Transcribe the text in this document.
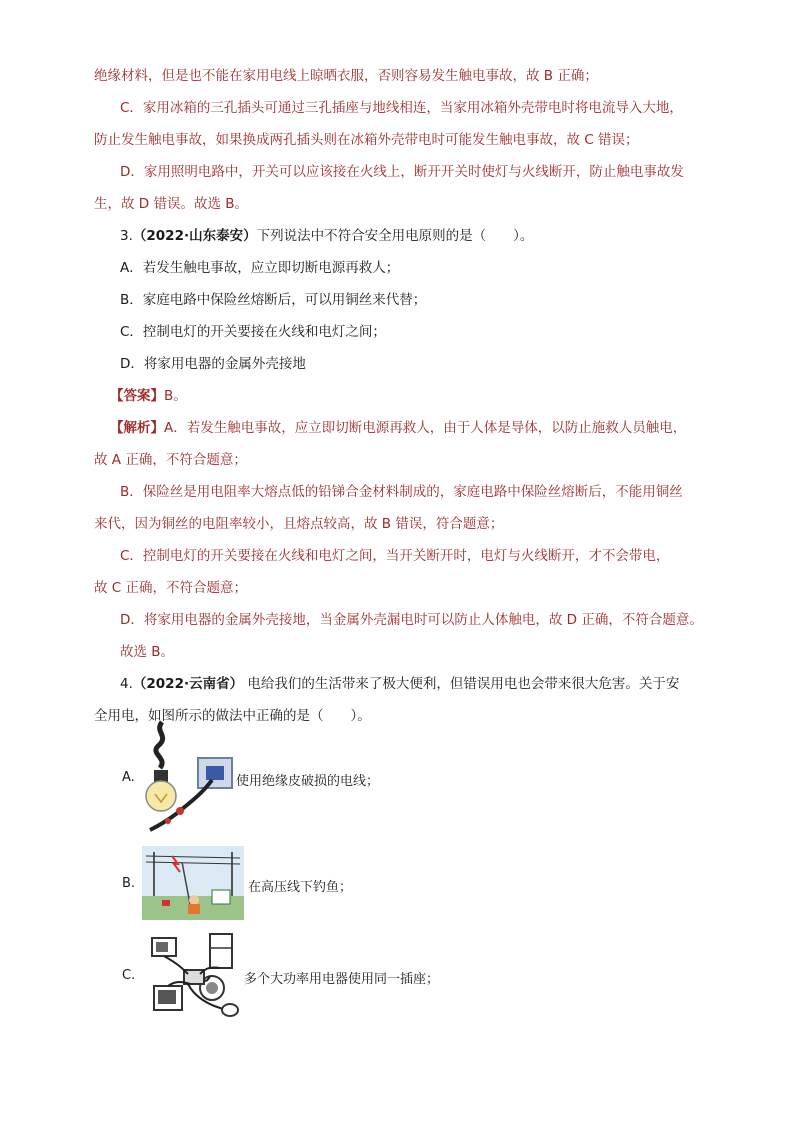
绝缘材料，但是也不能在家用电线上晾晒衣服，否则容易发生触电事故，故 B 正确；
C．家用冰箱的三孔插头可通过三孔插座与地线相连，当家用冰箱外壳带电时将电流导入大地，
防止发生触电事故，如果换成两孔插头则在冰箱外壳带电时可能发生触电事故，故 C 错误；
D．家用照明电路中，开关可以应该接在火线上，断开开关时使灯与火线断开，防止触电事故发
生，故 D 错误。故选 B。
3.（2022·山东泰安）下列说法中不符合安全用电原则的是（　　）。
A．若发生触电事故，应立即切断电源再救人；
B．家庭电路中保险丝熔断后，可以用铜丝来代替；
C．控制电灯的开关要接在火线和电灯之间；
D．将家用电器的金属外壳接地
【答案】B。
【解析】A．若发生触电事故，应立即切断电源再救人，由于人体是导体，以防止施救人员触电，
故 A 正确，不符合题意；
B．保险丝是用电阻率大熔点低的铅锑合金材料制成的，家庭电路中保险丝熔断后，不能用铜丝
来代，因为铜丝的电阻率较小，且熔点较高，故 B 错误，符合题意；
C．控制电灯的开关要接在火线和电灯之间，当开关断开时，电灯与火线断开，才不会带电，
故 C 正确，不符合题意；
D．将家用电器的金属外壳接地，当金属外壳漏电时可以防止人体触电，故 D 正确，不符合题意。
故选 B。
4.（2022·云南省） 电给我们的生活带来了极大便利，但错误用电也会带来很大危害。关于安
全用电，如图所示的做法中正确的是（　　）。
A.	使用绝缘皮破损的电线；
B.	在高压线下钓鱼；
C.	多个大功率用电器使用同一插座；
